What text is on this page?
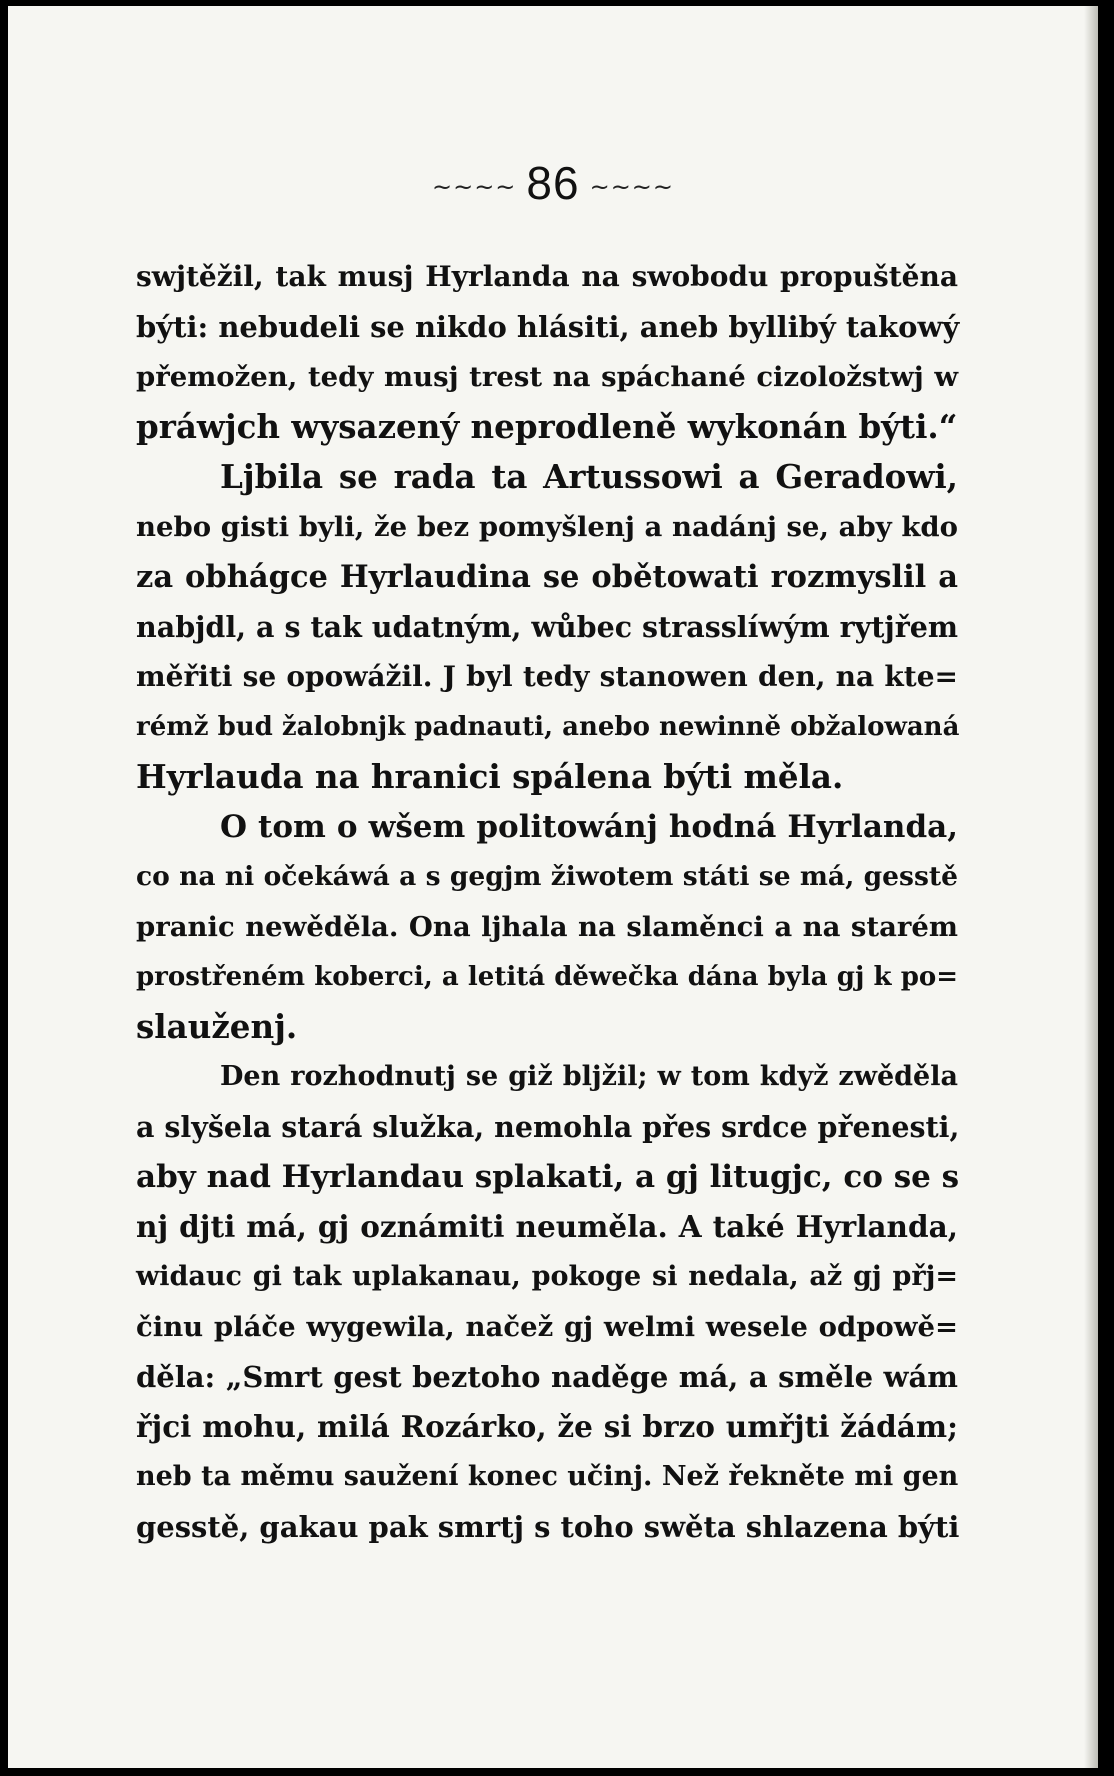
~~~~ 86 ~~~~
swjtěžil, tak musj Hyrlanda na swobodu propuštěna
býti: nebudeli se nikdo hlásiti, aneb byllibý takowý
přemožen, tedy musj trest na spáchané cizoložstwj w
práwjch wysazený neprodleně wykonán býti.“
Ljbila se rada ta Artussowi a Geradowi,
nebo gisti byli, že bez pomyšlenj a nadánj se, aby kdo
za obhágce Hyrlaudina se obětowati rozmyslil a
nabjdl, a s tak udatným, wůbec strasslíwým rytjřem
měřiti se opowážil. J byl tedy stanowen den, na kte=
rémž bud žalobnjk padnauti, anebo newinně obžalowaná
Hyrlauda na hranici spálena býti měla.
O tom o wšem politowánj hodná Hyrlanda,
co na ni očekáwá a s gegjm žiwotem státi se má, gesstě
pranic newěděla. Ona ljhala na slaměnci a na starém
prostřeném koberci, a letitá děwečka dána byla gj k po=
slauženj.
Den rozhodnutj se giž bljžil; w tom když zwěděla
a slyšela stará služka, nemohla přes srdce přenesti,
aby nad Hyrlandau splakati, a gj litugjc, co se s
nj djti má, gj oznámiti neuměla. A také Hyrlanda,
widauc gi tak uplakanau, pokoge si nedala, až gj přj=
činu pláče wygewila, načež gj welmi wesele odpowě=
děla: „Smrt gest beztoho naděge má, a směle wám
řjci mohu, milá Rozárko, že si brzo umřjti žádám;
neb ta měmu saužení konec učinj. Než řekněte mi gen
gesstě, gakau pak smrtj s toho swěta shlazena býti
